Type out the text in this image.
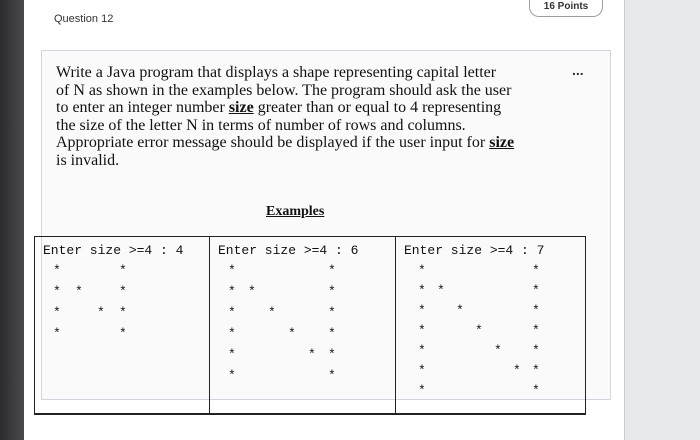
16 Points
Question 12
Write a Java program that displays a shape representing capital letter
of N as shown in the examples below. The program should ask the user
to enter an integer number size greater than or equal to 4 representing
the size of the letter N in terms of number of rows and columns.
Appropriate error message should be displayed if the user input for size
is invalid.
...
Examples
Enter size >=4 : 4
*	*
* *	*
*	* *
*	*
Enter size >=4 : 6
*	*
* *	*
* *	*
*	* *
*	* *
*	*
Enter size >=4 : 7
*	*
* *	*
* *	*
*	*	*
*	* *
*	* *
*	*
